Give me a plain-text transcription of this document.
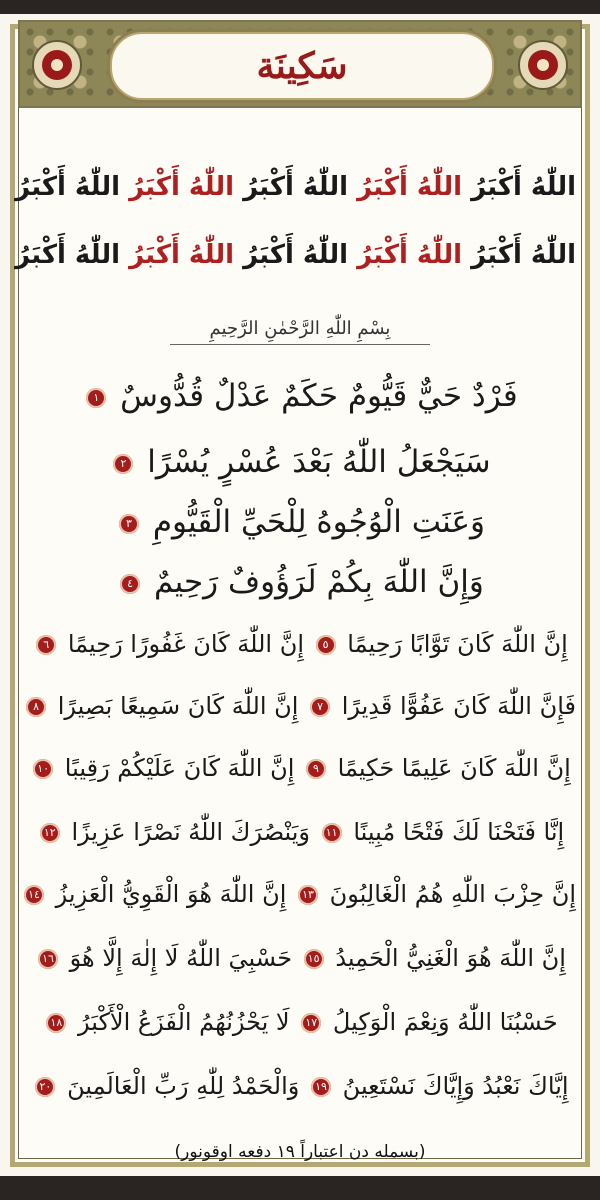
سَكِينَة
اللّٰهُ أَكْبَرُ اللّٰهُ أَكْبَرُ اللّٰهُ أَكْبَرُ اللّٰهُ أَكْبَرُ اللّٰهُ أَكْبَرُ
اللّٰهُ أَكْبَرُ اللّٰهُ أَكْبَرُ اللّٰهُ أَكْبَرُ اللّٰهُ أَكْبَرُ اللّٰهُ أَكْبَرُ
بِسْمِ اللّٰهِ الرَّحْمٰنِ الرَّحِيمِ
فَرْدٌ حَيٌّ قَيُّومٌ حَكَمٌ عَدْلٌ قُدُّوسٌ ١
سَيَجْعَلُ اللّٰهُ بَعْدَ عُسْرٍ يُسْرًا ٢
وَعَنَتِ الْوُجُوهُ لِلْحَيِّ الْقَيُّومِ ٣
وَإِنَّ اللّٰهَ بِكُمْ لَرَؤُوفٌ رَحِيمٌ ٤
إِنَّ اللّٰهَ كَانَ تَوَّابًا رَحِيمًا ٥ إِنَّ اللّٰهَ كَانَ غَفُورًا رَحِيمًا ٦
فَإِنَّ اللّٰهَ كَانَ عَفُوًّا قَدِيرًا ٧ إِنَّ اللّٰهَ كَانَ سَمِيعًا بَصِيرًا ٨
إِنَّ اللّٰهَ كَانَ عَلِيمًا حَكِيمًا ٩ إِنَّ اللّٰهَ كَانَ عَلَيْكُمْ رَقِيبًا ١٠
إِنَّا فَتَحْنَا لَكَ فَتْحًا مُبِينًا ١١ وَيَنْصُرَكَ اللّٰهُ نَصْرًا عَزِيزًا ١٢
إِنَّ حِزْبَ اللّٰهِ هُمُ الْغَالِبُونَ ١٣ إِنَّ اللّٰهَ هُوَ الْقَوِيُّ الْعَزِيزُ ١٤
إِنَّ اللّٰهَ هُوَ الْغَنِيُّ الْحَمِيدُ ١٥ حَسْبِيَ اللّٰهُ لَا إِلٰهَ إِلَّا هُوَ ١٦
حَسْبُنَا اللّٰهُ وَنِعْمَ الْوَكِيلُ ١٧ لَا يَحْزُنُهُمُ الْفَزَعُ الْأَكْبَرُ ١٨
إِيَّاكَ نَعْبُدُ وَإِيَّاكَ نَسْتَعِينُ ١٩ وَالْحَمْدُ لِلّٰهِ رَبِّ الْعَالَمِينَ ٢٠
(بسمله دن اعتباراً ١٩ دفعه اوقونور)
